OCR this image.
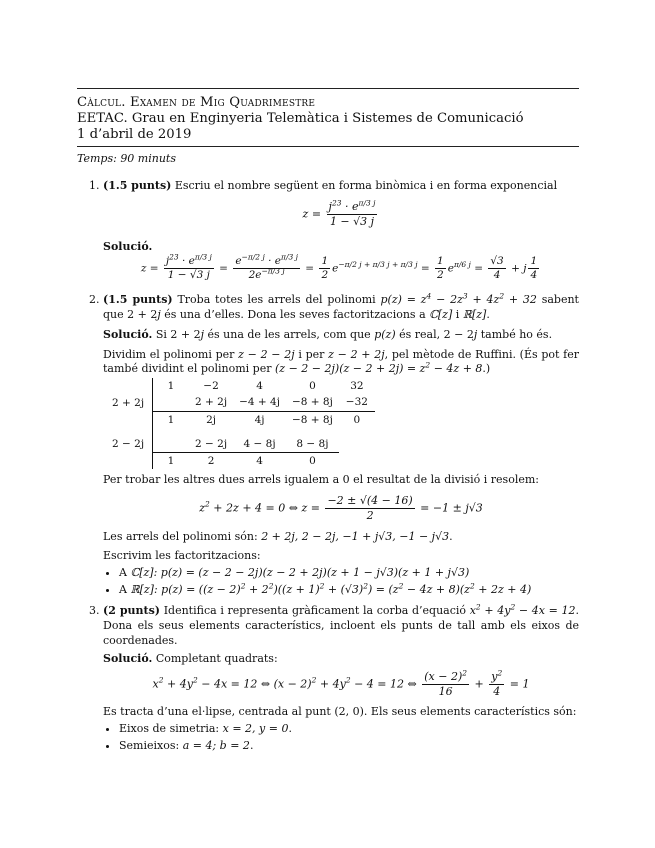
Càlcul. Examen de Mig Quadrimestre
EETAC. Grau en Enginyeria Telemàtica i Sistemes de Comunicació
1 d’abril de 2019
Temps: 90 minuts
1. (1.5 punts) Escriu el nombre següent en forma binòmica i en forma exponencial
$z = \frac{j^{23} \cdot e^{\pi/3 j}}{1 - √3 j}$
Solució.
$z = \frac{j^{23} \cdot e^{\pi/3 j}}{1 - √3 j} = \frac{e^{-\pi/2 j} \cdot e^{\pi/3 j}}{2e^{-\pi/3 j}} = \frac{1}{2} e^{-\pi/2 j + \pi/3 j + \pi/3 j} = \frac{1}{2} e^{\pi/6 j} = \frac{√3}{4} + j \frac{1}{4}$
2. (1.5 punts) Troba totes les arrels del polinomi $p(z) = z^4 - 2z^3 + 4z^2 + 32$ sabent que 2 + 2j és una d’elles. Dona les seves factoritzacions a ℂ[z] i ℝ[z].
Solució. Si 2 + 2j és una de les arrels, com que p(z) és real, 2 − 2j també ho és.
Dividim el polinomi per z − 2 − 2j i per z − 2 + 2j, pel mètode de Ruffini. (És pot fer també dividint el polinomi per $(z - 2 - 2j)(z - 2 + 2j) = z^2 - 4z + 8$.)
	1	−2	4	0	32
2 + 2j		2 + 2j	−4 + 4j	−8 + 8j	−32
	1	2j	4j	−8 + 8j	0

2 − 2j		2 − 2j	4 − 8j	8 − 8j	
	1	2	4	0	
Per trobar les altres dues arrels igualem a 0 el resultat de la divisió i resolem:
$z^2 + 2z + 4 = 0$ ⇔ $z = \frac{-2 \pm √(4 - 16)}{2} = -1 \pm j√3$
Les arrels del polinomi són: 2 + 2j, 2 − 2j, −1 + j√3, −1 − j√3.
Escrivim les factoritzacions:
• A ℂ[z]: p(z) = (z − 2 − 2j)(z − 2 + 2j)(z + 1 − j√3)(z + 1 + j√3)
• A ℝ[z]: $p(z) = ((z - 2)^2 + 2^2)((z + 1)^2 + (√3)^2) = (z^2 - 4z + 8)(z^2 + 2z + 4)$
3. (2 punts) Identifica i representa gràficament la corba d’equació $x^2 + 4y^2 - 4x = 12$. Dona els seus elements característics, incloent els punts de tall amb els eixos de coordenades.
Solució. Completant quadrats:
$x^2 + 4y^2 - 4x = 12$ ⇔ $(x - 2)^2 + 4y^2 - 4 = 12$ ⇔ $\frac{(x - 2)^2}{16} + \frac{y^2}{4} = 1$
Es tracta d’una el·lipse, centrada al punt (2, 0). Els seus elements característics són:
• Eixos de simetria: x = 2, y = 0.
• Semieixos: a = 4; b = 2.
